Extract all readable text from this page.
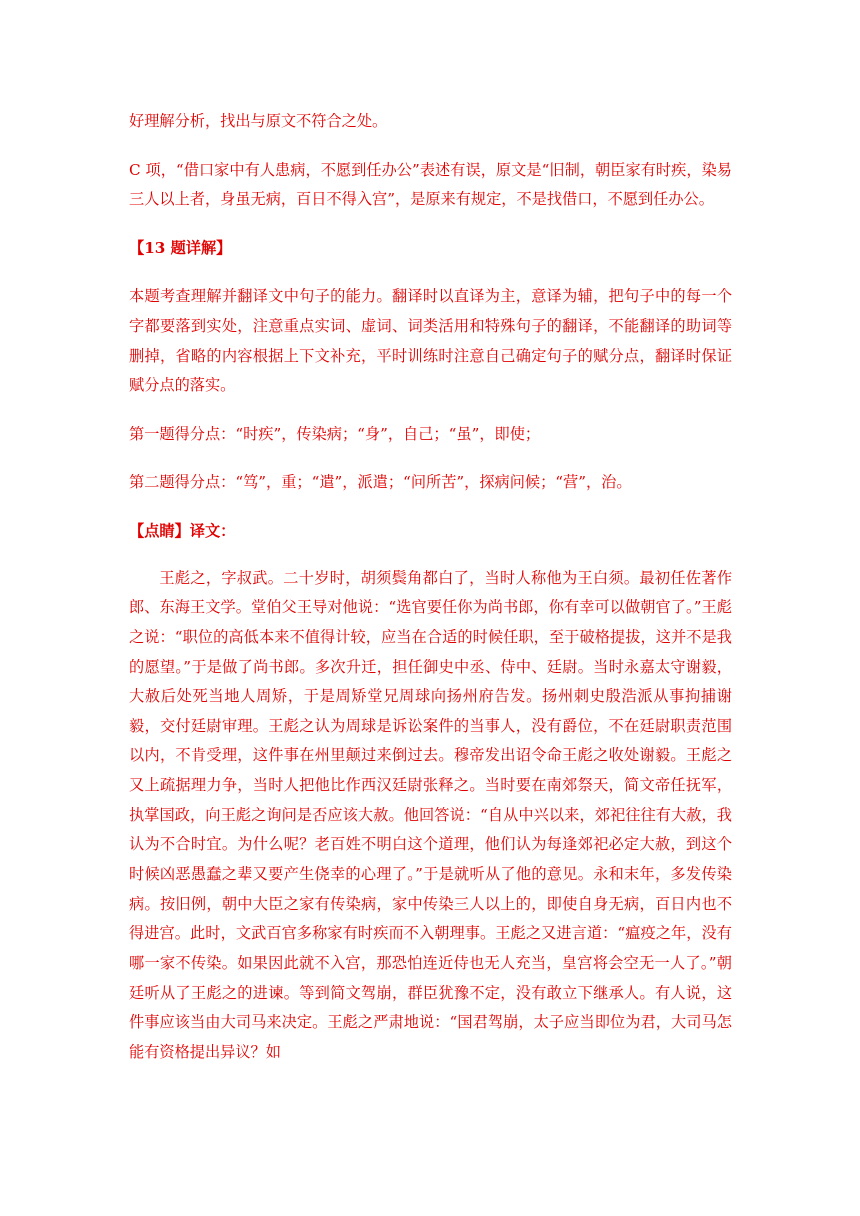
好理解分析，找出与原文不符合之处。

C 项，“借口家中有人患病，不愿到任办公”表述有误，原文是“旧制，朝臣家有时疾，染易三人以上者，身虽无病，百日不得入宫”，是原来有规定，不是找借口，不愿到任办公。

【13 题详解】

本题考查理解并翻译文中句子的能力。翻译时以直译为主，意译为辅，把句子中的每一个字都要落到实处，注意重点实词、虚词、词类活用和特殊句子的翻译，不能翻译的助词等删掉，省略的内容根据上下文补充，平时训练时注意自己确定句子的赋分点，翻译时保证赋分点的落实。

第一题得分点：“时疾”，传染病；“身”，自己；“虽”，即使；

第二题得分点：“笃”，重；“遣”，派遣；“问所苦”，探病问候；“营”，治。

【点睛】译文：

王彪之，字叔武。二十岁时，胡须鬓角都白了，当时人称他为王白须。最初任佐著作郎、东海王文学。堂伯父王导对他说：“选官要任你为尚书郎，你有幸可以做朝官了。”王彪之说：“职位的高低本来不值得计较，应当在合适的时候任职，至于破格提拔，这并不是我的愿望。”于是做了尚书郎。多次升迁，担任御史中丞、侍中、廷尉。当时永嘉太守谢毅，大赦后处死当地人周矫，于是周矫堂兄周球向扬州府告发。扬州刺史殷浩派从事拘捕谢毅，交付廷尉审理。王彪之认为周球是诉讼案件的当事人，没有爵位，不在廷尉职责范围以内，不肯受理，这件事在州里颠过来倒过去。穆帝发出诏令命王彪之收处谢毅。王彪之又上疏据理力争，当时人把他比作西汉廷尉张释之。当时要在南郊祭天，简文帝任抚军，执掌国政，向王彪之询问是否应该大赦。他回答说：“自从中兴以来，郊祀往往有大赦，我认为不合时宜。为什么呢？老百姓不明白这个道理，他们认为每逢郊祀必定大赦，到这个时候凶恶愚蠢之辈又要产生侥幸的心理了。”于是就听从了他的意见。永和末年，多发传染病。按旧例，朝中大臣之家有传染病，家中传染三人以上的，即使自身无病，百日内也不得进宫。此时，文武百官多称家有时疾而不入朝理事。王彪之又进言道：“瘟疫之年，没有哪一家不传染。如果因此就不入宫，那恐怕连近侍也无人充当，皇宫将会空无一人了。”朝廷听从了王彪之的进谏。等到简文驾崩，群臣犹豫不定，没有敢立下继承人。有人说，这件事应该当由大司马来决定。王彪之严肃地说：“国君驾崩，太子应当即位为君，大司马怎能有资格提出异议？如
